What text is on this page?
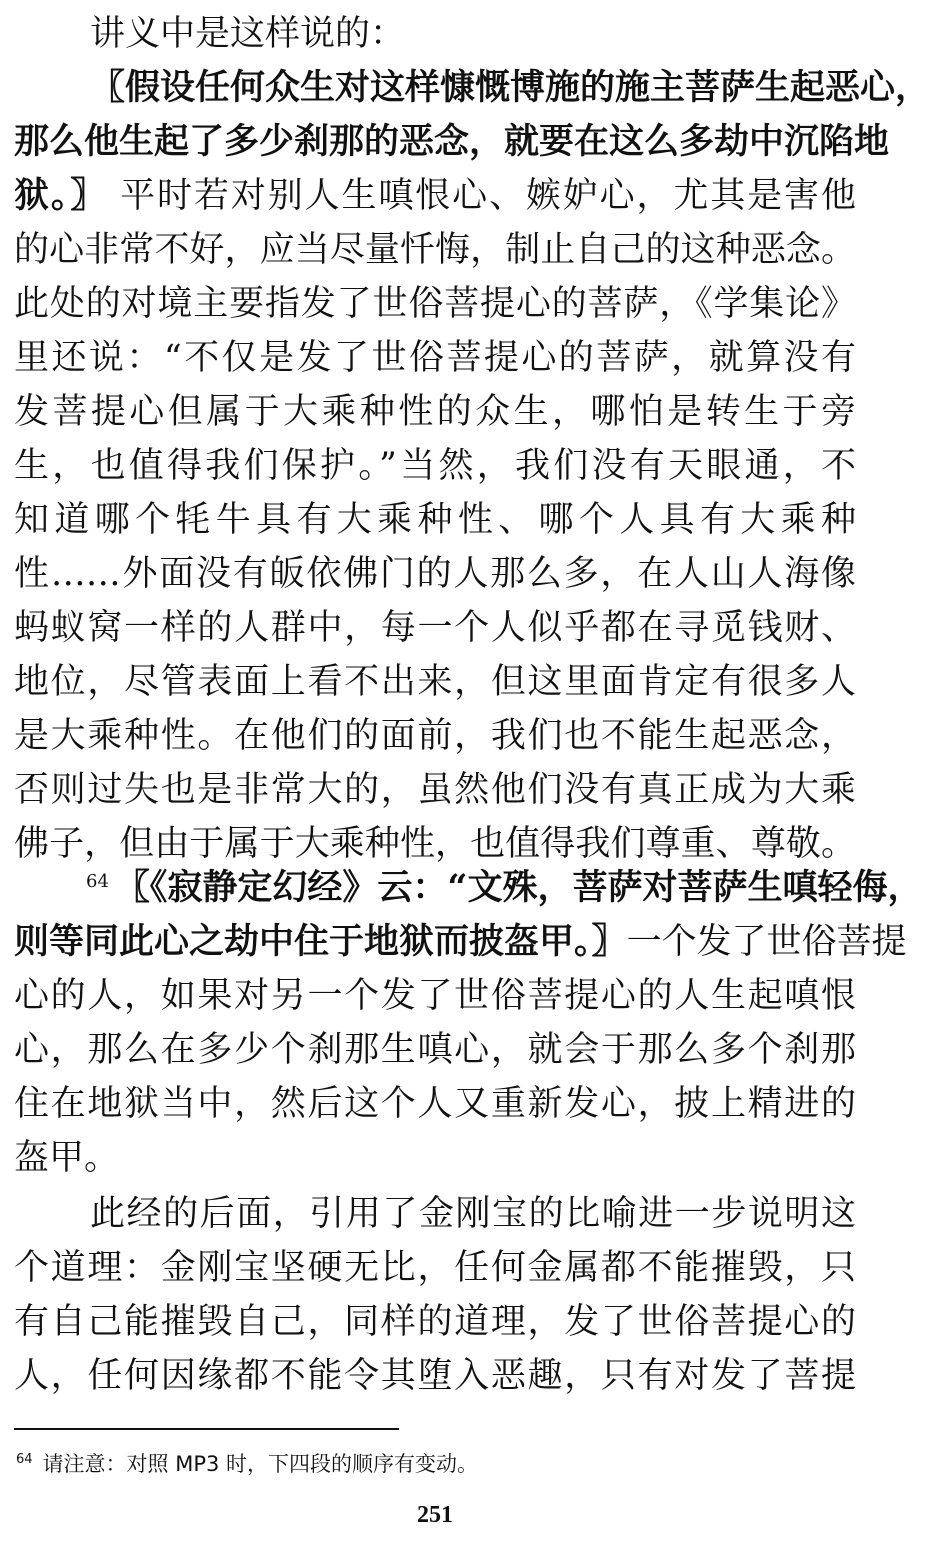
讲义中是这样说的：
〖假设任何众生对这样慷慨博施的施主菩萨生起恶心，
那么他生起了多少刹那的恶念，就要在这么多劫中沉陷地
狱。〗 平时若对别人生嗔恨心、嫉妒心，尤其是害他
的心非常不好，应当尽量忏悔，制止自己的这种恶念。
此处的对境主要指发了世俗菩提心的菩萨，《学集论》
里还说：“不仅是发了世俗菩提心的菩萨，就算没有
发菩提心但属于大乘种性的众生，哪怕是转生于旁
生，也值得我们保护。”当然，我们没有天眼通，不
知道哪个牦牛具有大乘种性、哪个人具有大乘种
性……外面没有皈依佛门的人那么多，在人山人海像
蚂蚁窝一样的人群中，每一个人似乎都在寻觅钱财、
地位，尽管表面上看不出来，但这里面肯定有很多人
是大乘种性。在他们的面前，我们也不能生起恶念，
否则过失也是非常大的，虽然他们没有真正成为大乘
佛子，但由于属于大乘种性，也值得我们尊重、尊敬。
$^{64}$ 〖《寂静定幻经》云：“文殊，菩萨对菩萨生嗔轻侮，
则等同此心之劫中住于地狱而披盔甲。〗一个发了世俗菩提
心的人，如果对另一个发了世俗菩提心的人生起嗔恨
心，那么在多少个刹那生嗔心，就会于那么多个刹那
住在地狱当中，然后这个人又重新发心，披上精进的
盔甲。
此经的后面，引用了金刚宝的比喻进一步说明这
个道理：金刚宝坚硬无比，任何金属都不能摧毁，只
有自己能摧毁自己，同样的道理，发了世俗菩提心的
人，任何因缘都不能令其堕入恶趣，只有对发了菩提
$^{64}$ 请注意：对照 MP3 时，下四段的顺序有变动。
251
